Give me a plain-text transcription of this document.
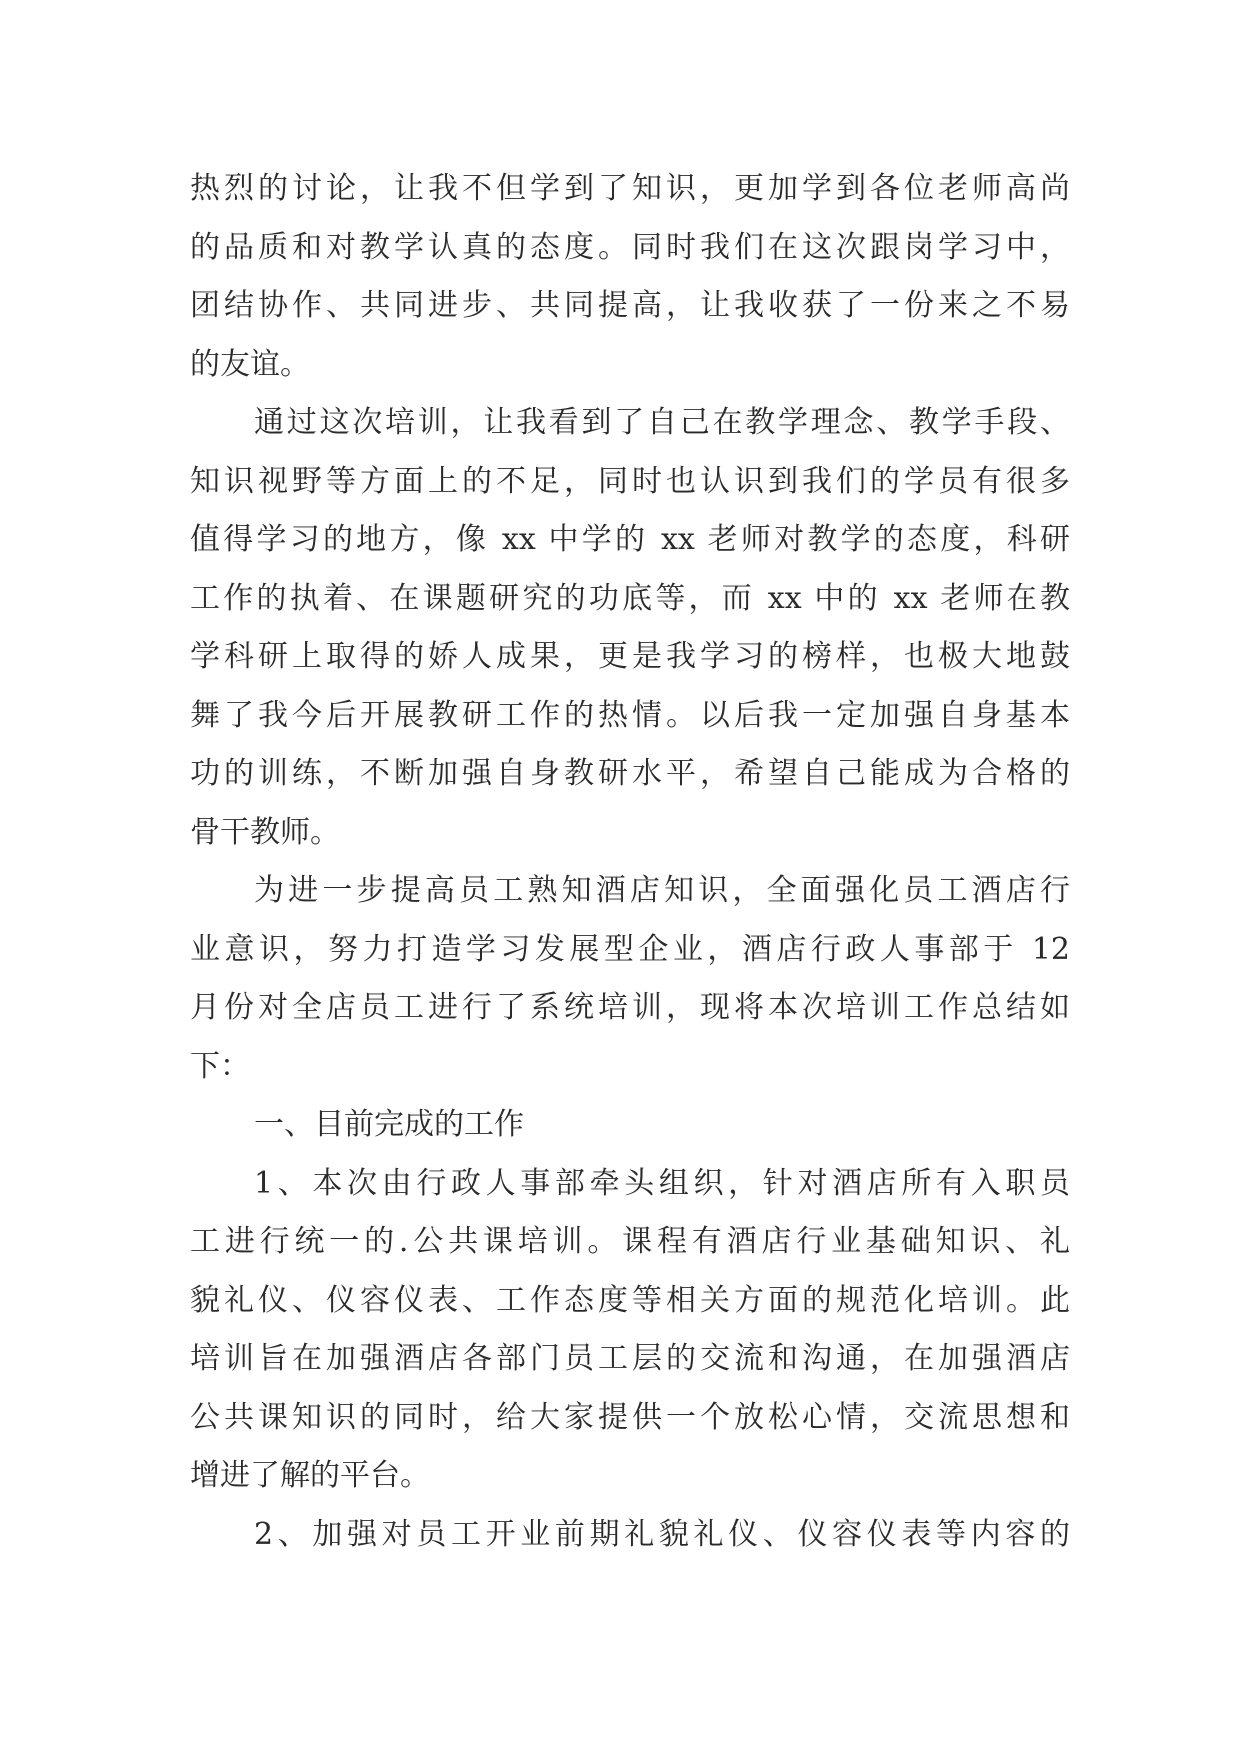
热烈的讨论，让我不但学到了知识，更加学到各位老师高尚
的品质和对教学认真的态度。同时我们在这次跟岗学习中，
团结协作、共同进步、共同提高，让我收获了一份来之不易
的友谊。
通过这次培训，让我看到了自己在教学理念、教学手段、
知识视野等方面上的不足，同时也认识到我们的学员有很多
值得学习的地方，像 xx 中学的 xx 老师对教学的态度，科研
工作的执着、在课题研究的功底等，而 xx 中的 xx 老师在教
学科研上取得的娇人成果，更是我学习的榜样，也极大地鼓
舞了我今后开展教研工作的热情。以后我一定加强自身基本
功的训练，不断加强自身教研水平，希望自己能成为合格的
骨干教师。
为进一步提高员工熟知酒店知识，全面强化员工酒店行
业意识，努力打造学习发展型企业，酒店行政人事部于 12
月份对全店员工进行了系统培训，现将本次培训工作总结如
下：
一、目前完成的工作
1、本次由行政人事部牵头组织，针对酒店所有入职员
工进行统一的.公共课培训。课程有酒店行业基础知识、礼
貌礼仪、仪容仪表、工作态度等相关方面的规范化培训。此
培训旨在加强酒店各部门员工层的交流和沟通，在加强酒店
公共课知识的同时，给大家提供一个放松心情，交流思想和
增进了解的平台。
2、加强对员工开业前期礼貌礼仪、仪容仪表等内容的
